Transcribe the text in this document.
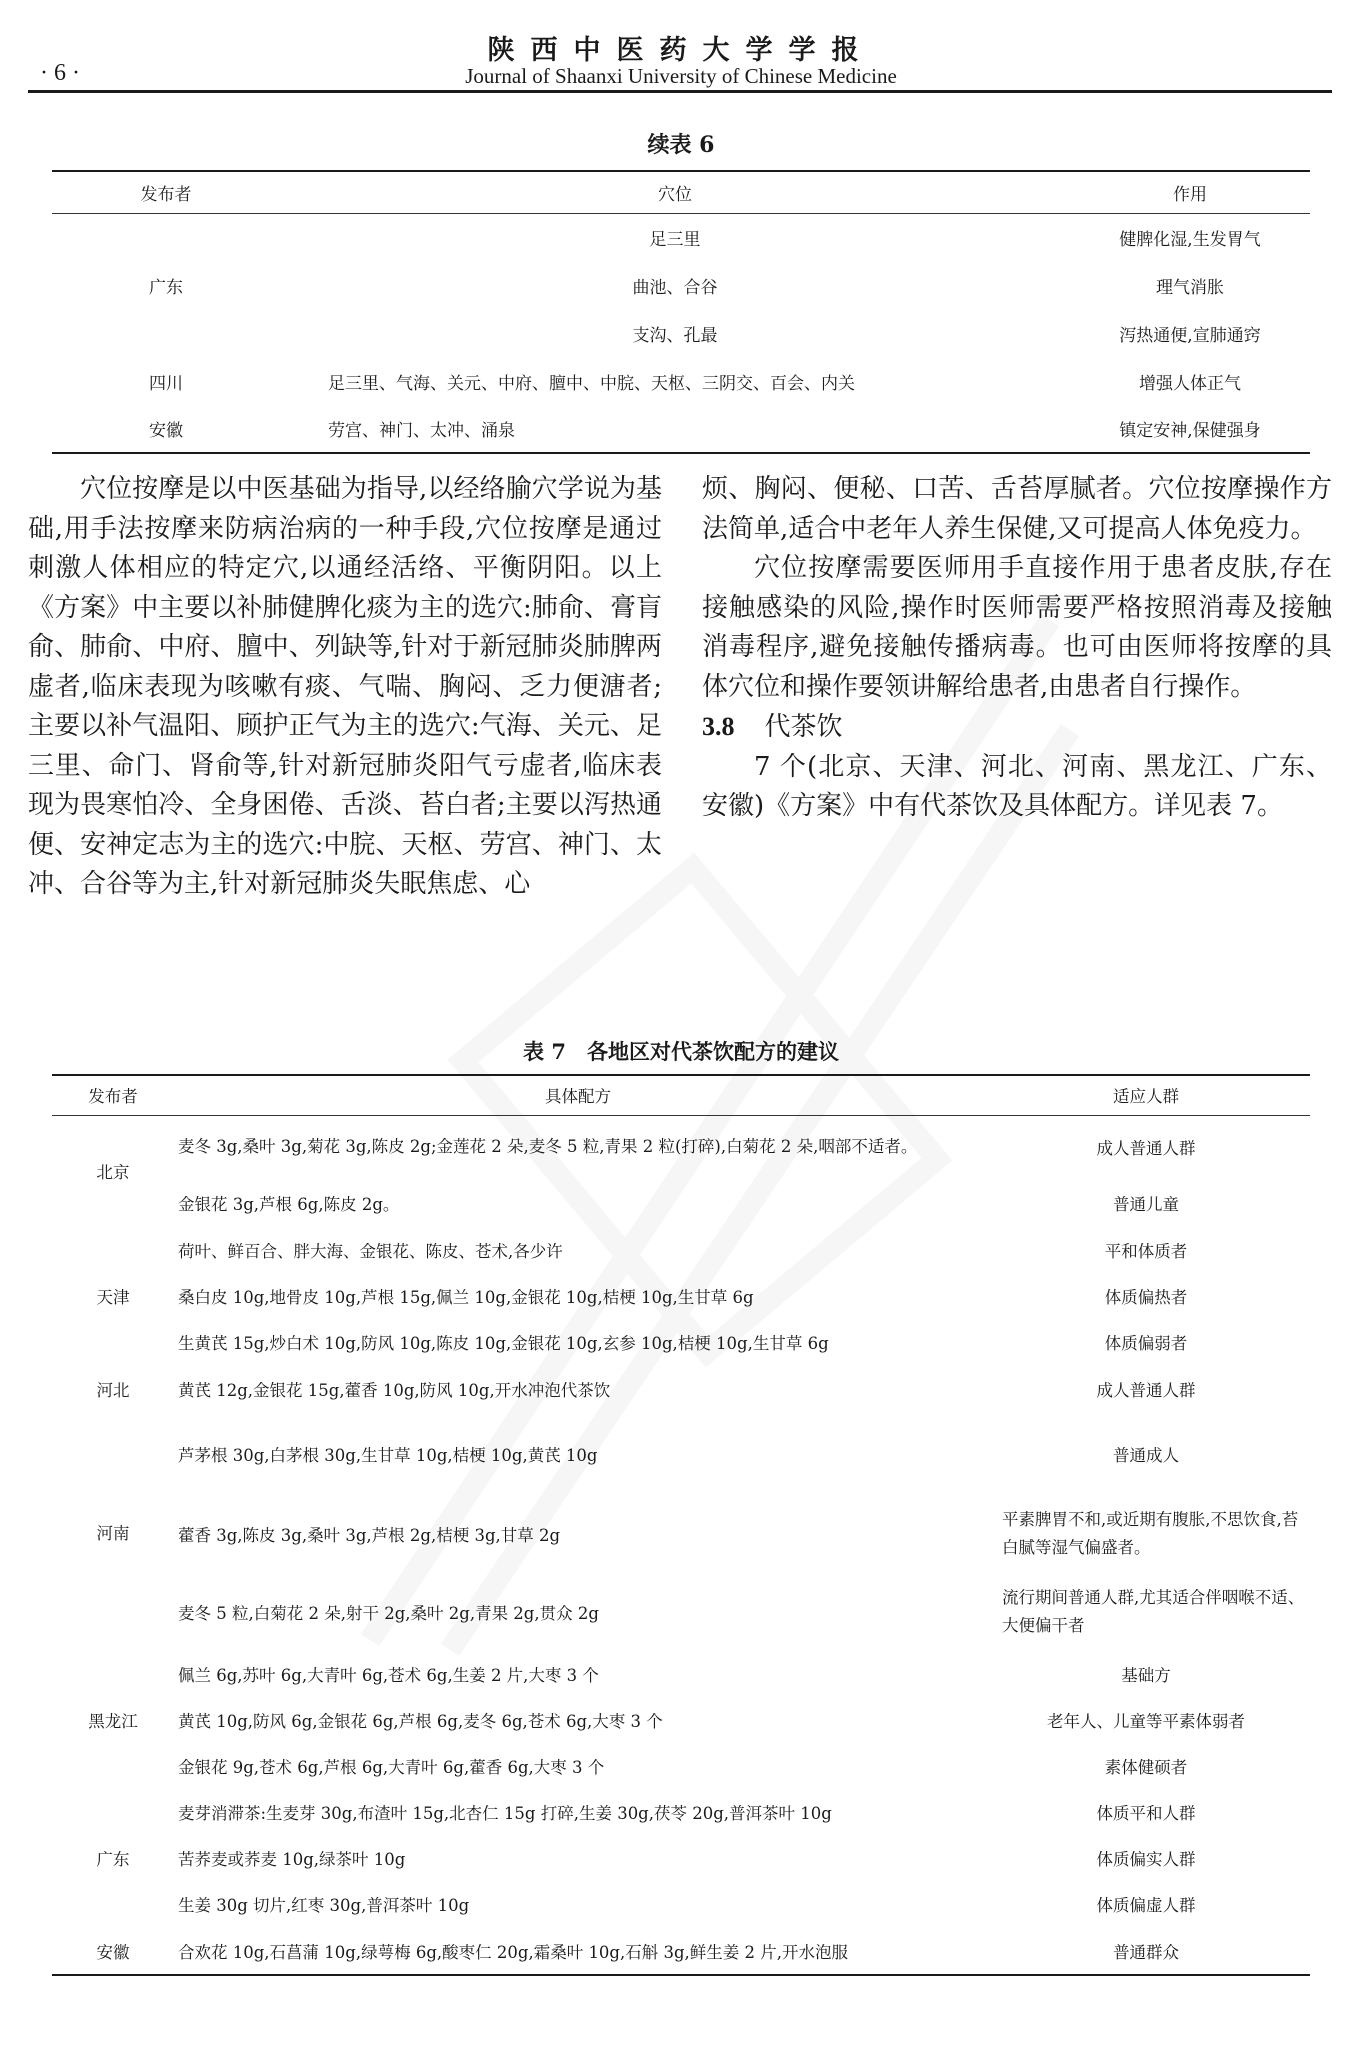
陕西中医药大学学报
· 6 ·	Journal of Shaanxi University of Chinese Medicine
续表 6
发布者	穴位	作用
广东	足三里	健脾化湿,生发胃气
	曲池、合谷	理气消胀
	支沟、孔最	泻热通便,宣肺通窍
四川	足三里、气海、关元、中府、膻中、中脘、天枢、三阴交、百会、内关	增强人体正气
安徽	劳宫、神门、太冲、涌泉	镇定安神,保健强身

穴位按摩是以中医基础为指导,以经络腧穴学说为基础,用手法按摩来防病治病的一种手段,穴位按摩是通过刺激人体相应的特定穴,以通经活络、平衡阴阳。以上《方案》中主要以补肺健脾化痰为主的选穴:肺俞、膏肓俞、肺俞、中府、膻中、列缺等,针对于新冠肺炎肺脾两虚者,临床表现为咳嗽有痰、气喘、胸闷、乏力便溏者;主要以补气温阳、顾护正气为主的选穴:气海、关元、足三里、命门、肾俞等,针对新冠肺炎阳气亏虚者,临床表现为畏寒怕冷、全身困倦、舌淡、苔白者;主要以泻热通便、安神定志为主的选穴:中脘、天枢、劳宫、神门、太冲、合谷等为主,针对新冠肺炎失眠焦虑、心

烦、胸闷、便秘、口苦、舌苔厚腻者。穴位按摩操作方法简单,适合中老年人养生保健,又可提高人体免疫力。

穴位按摩需要医师用手直接作用于患者皮肤,存在接触感染的风险,操作时医师需要严格按照消毒及接触消毒程序,避免接触传播病毒。也可由医师将按摩的具体穴位和操作要领讲解给患者,由患者自行操作。

3.8 代茶饮

7 个(北京、天津、河北、河南、黑龙江、广东、安徽)《方案》中有代茶饮及具体配方。详见表 7。

表 7　各地区对代茶饮配方的建议
发布者	具体配方	适应人群
北京	麦冬 3g,桑叶 3g,菊花 3g,陈皮 2g;金莲花 2 朵,麦冬 5 粒,青果 2 粒(打碎),白菊花 2 朵,咽部不适者。	成人普通人群
	金银花 3g,芦根 6g,陈皮 2g。	普通儿童
天津	荷叶、鲜百合、胖大海、金银花、陈皮、苍术,各少许	平和体质者
	桑白皮 10g,地骨皮 10g,芦根 15g,佩兰 10g,金银花 10g,桔梗 10g,生甘草 6g	体质偏热者
	生黄芪 15g,炒白术 10g,防风 10g,陈皮 10g,金银花 10g,玄参 10g,桔梗 10g,生甘草 6g	体质偏弱者
河北	黄芪 12g,金银花 15g,藿香 10g,防风 10g,开水冲泡代茶饮	成人普通人群
河南	芦茅根 30g,白茅根 30g,生甘草 10g,桔梗 10g,黄芪 10g	普通成人
	藿香 3g,陈皮 3g,桑叶 3g,芦根 2g,桔梗 3g,甘草 2g	平素脾胃不和,或近期有腹胀,不思饮食,苔白腻等湿气偏盛者。
	麦冬 5 粒,白菊花 2 朵,射干 2g,桑叶 2g,青果 2g,贯众 2g	流行期间普通人群,尤其适合伴咽喉不适、大便偏干者
黑龙江	佩兰 6g,苏叶 6g,大青叶 6g,苍术 6g,生姜 2 片,大枣 3 个	基础方
	黄芪 10g,防风 6g,金银花 6g,芦根 6g,麦冬 6g,苍术 6g,大枣 3 个	老年人、儿童等平素体弱者
	金银花 9g,苍术 6g,芦根 6g,大青叶 6g,藿香 6g,大枣 3 个	素体健硕者
广东	麦芽消滞茶:生麦芽 30g,布渣叶 15g,北杏仁 15g 打碎,生姜 30g,茯苓 20g,普洱茶叶 10g	体质平和人群
	苦荞麦或荞麦 10g,绿茶叶 10g	体质偏实人群
	生姜 30g 切片,红枣 30g,普洱茶叶 10g	体质偏虚人群
安徽	合欢花 10g,石菖蒲 10g,绿萼梅 6g,酸枣仁 20g,霜桑叶 10g,石斛 3g,鲜生姜 2 片,开水泡服	普通群众
